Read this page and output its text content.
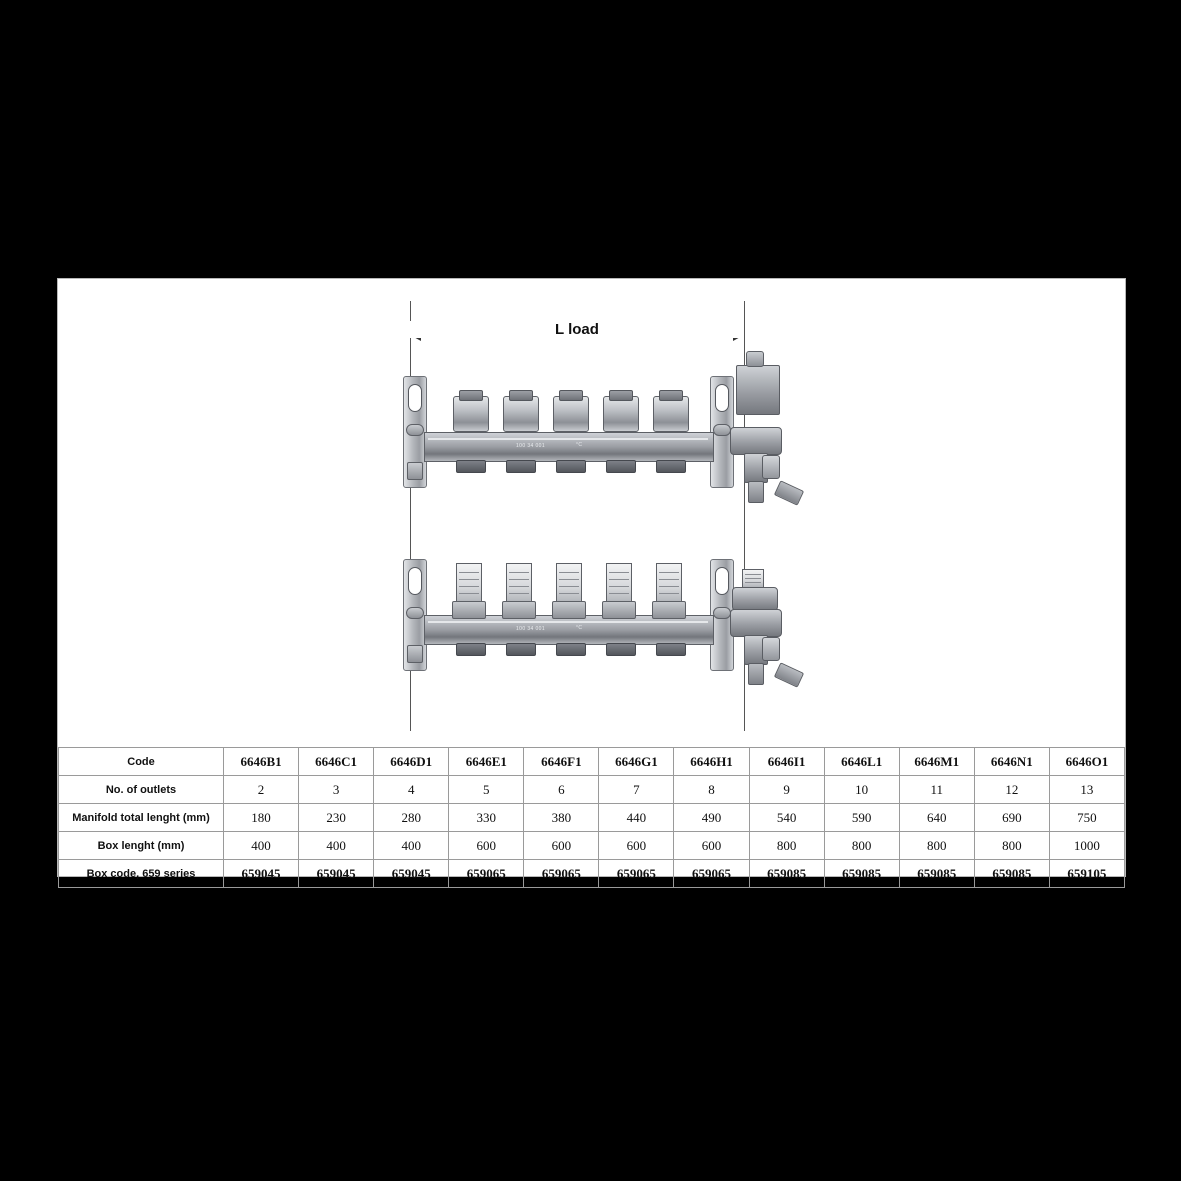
L load
100 34 001	°C
100 34 001	°C
Code	6646B1	6646C1	6646D1	6646E1	6646F1	6646G1	6646H1	6646I1	6646L1	6646M1	6646N1	6646O1
No. of outlets	2	3	4	5	6	7	8	9	10	11	12	13
Manifold total lenght (mm)	180	230	280	330	380	440	490	540	590	640	690	750
Box lenght (mm)	400	400	400	600	600	600	600	800	800	800	800	1000
Box code, 659 series	659045	659045	659045	659065	659065	659065	659065	659085	659085	659085	659085	659105
